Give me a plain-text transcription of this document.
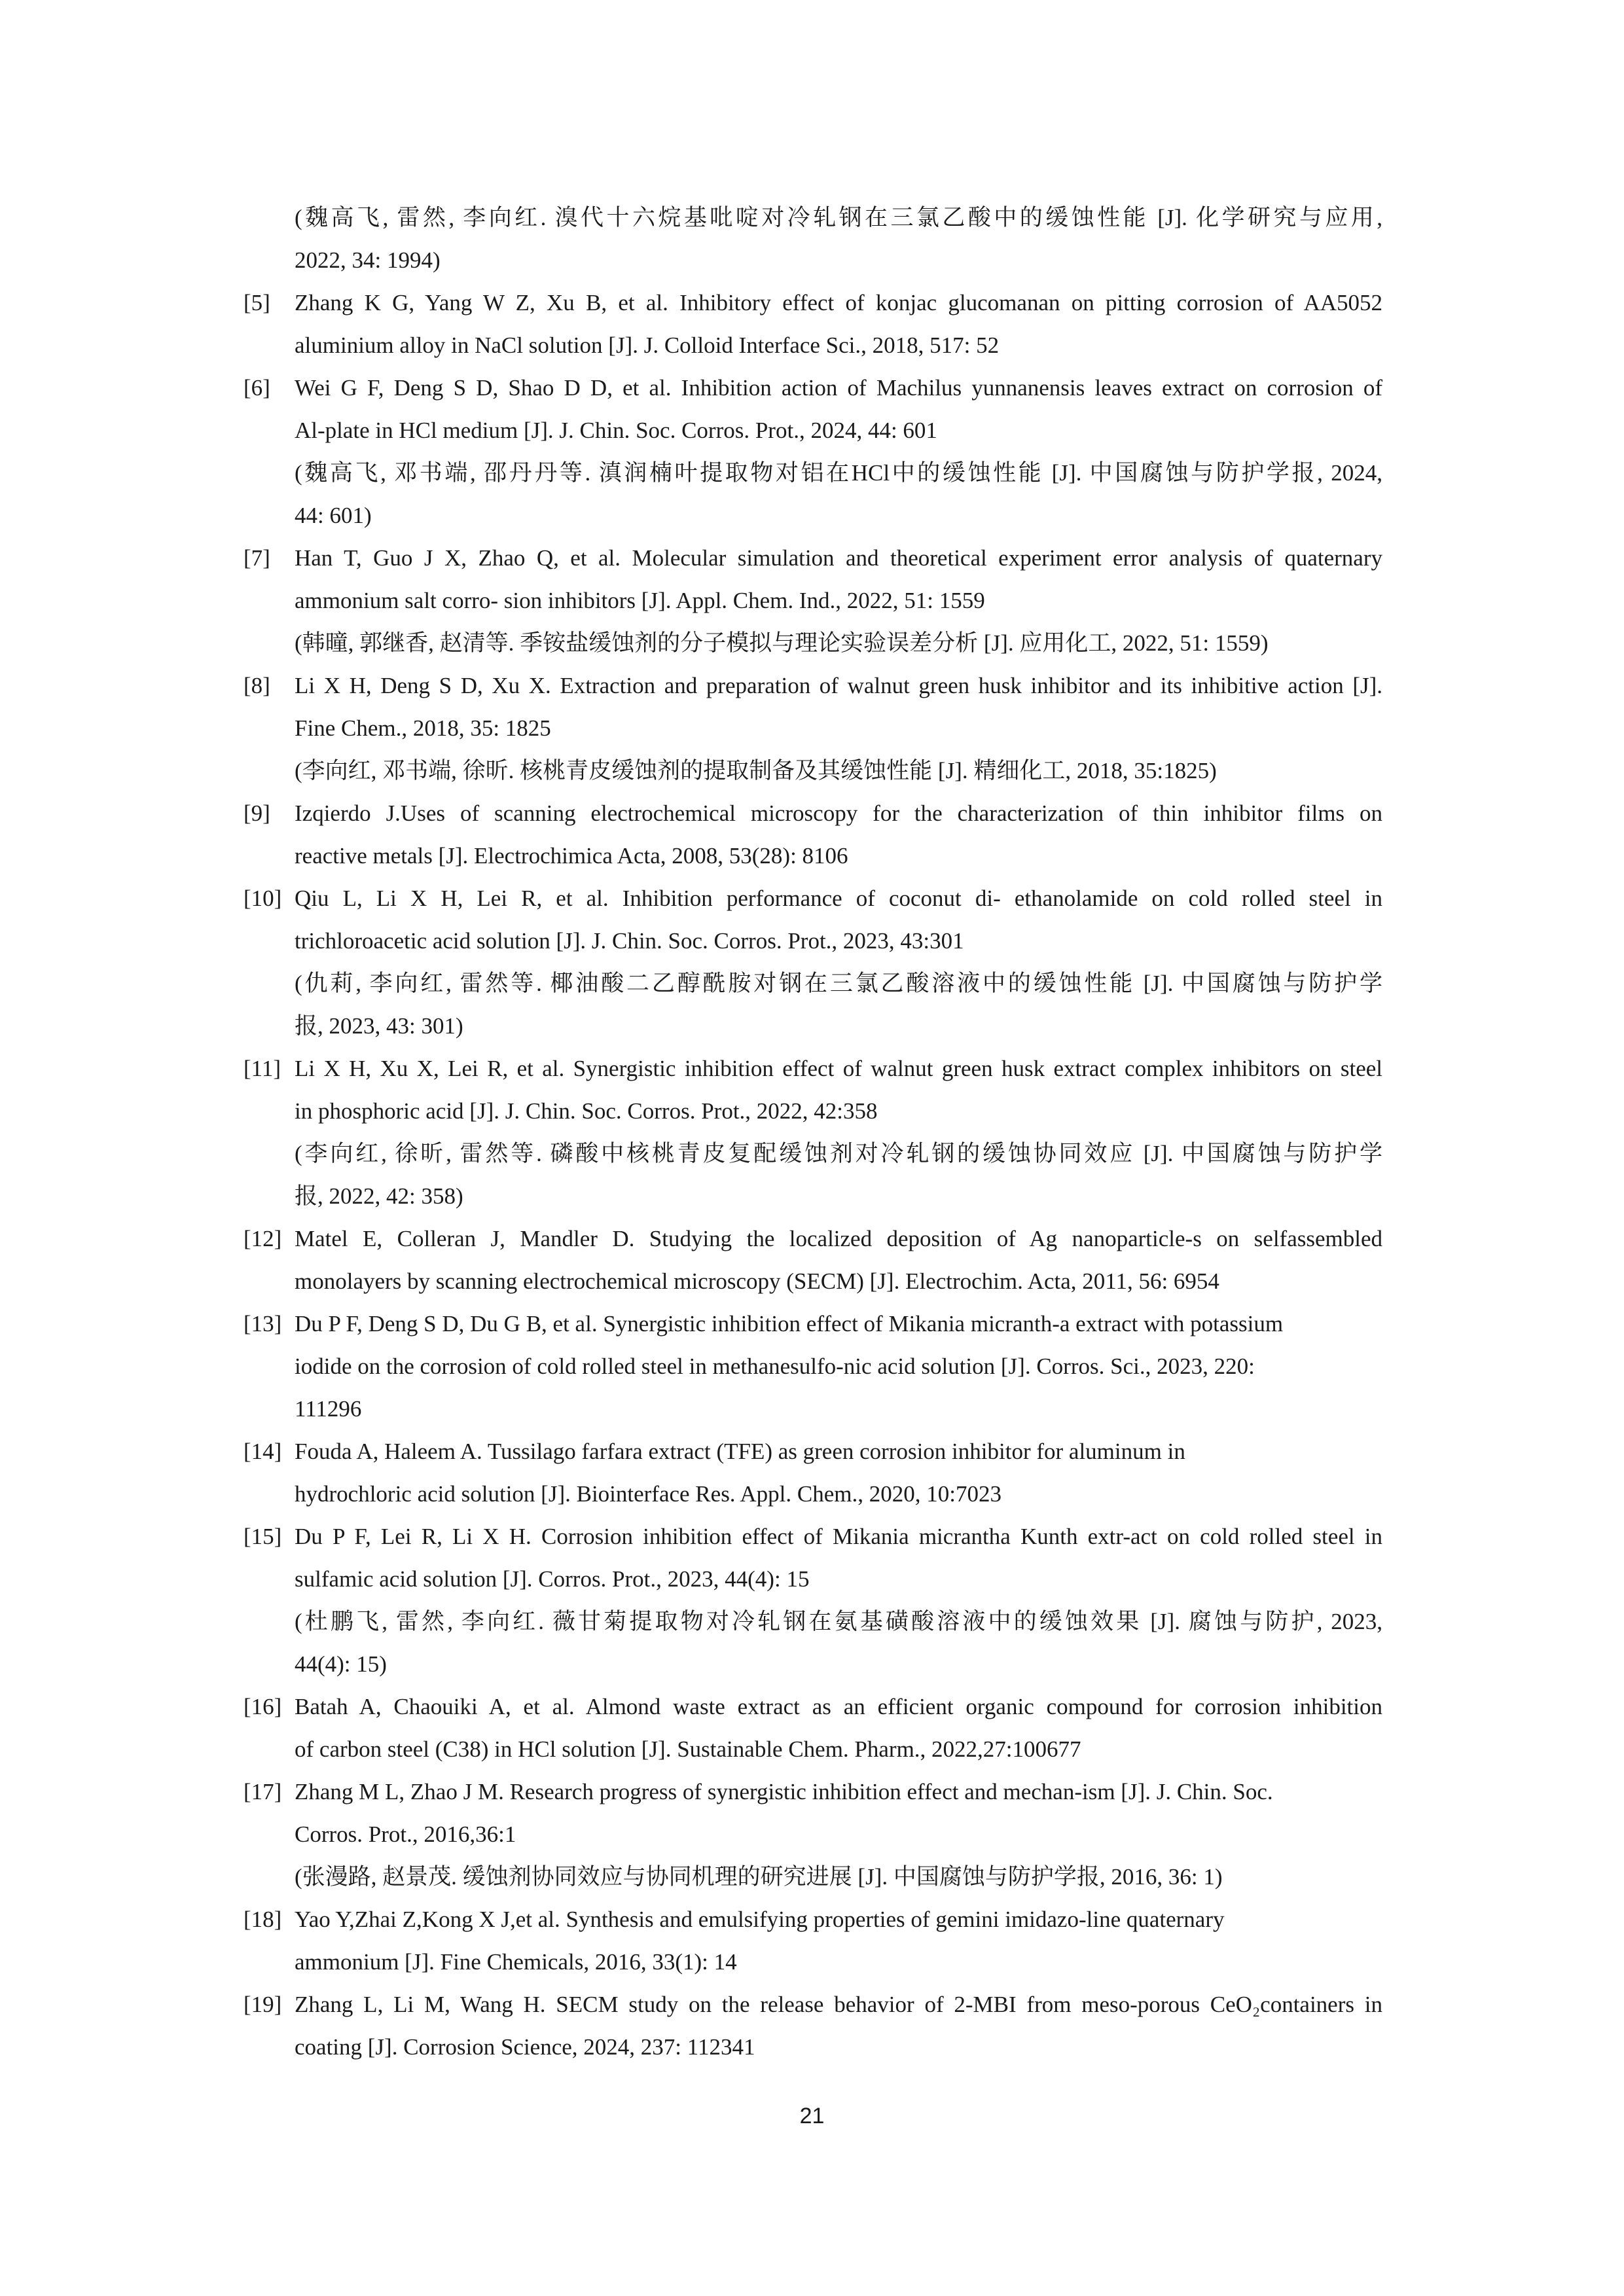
(魏高飞, 雷然, 李向红. 溴代十六烷基吡啶对冷轧钢在三氯乙酸中的缓蚀性能 [J]. 化学研究与应用,
2022, 34: 1994)
[5] Zhang K G, Yang W Z, Xu B, et al. Inhibitory effect of konjac glucomanan on pitting corrosion of AA5052
aluminium alloy in NaCl solution [J]. J. Colloid Interface Sci., 2018, 517: 52
[6] Wei G F, Deng S D, Shao D D, et al. Inhibition action of Machilus yunnanensis leaves extract on corrosion of
Al-plate in HCl medium [J]. J. Chin. Soc. Corros. Prot., 2024, 44: 601
(魏高飞, 邓书端, 邵丹丹等. 滇润楠叶提取物对铝在HCl中的缓蚀性能 [J]. 中国腐蚀与防护学报, 2024,
44: 601)
[7] Han T, Guo J X, Zhao Q, et al. Molecular simulation and theoretical experiment error analysis of quaternary
ammonium salt corro- sion inhibitors [J]. Appl. Chem. Ind., 2022, 51: 1559
(韩曈, 郭继香, 赵清等. 季铵盐缓蚀剂的分子模拟与理论实验误差分析 [J]. 应用化工, 2022, 51: 1559)
[8] Li X H, Deng S D, Xu X. Extraction and preparation of walnut green husk inhibitor and its inhibitive action [J].
Fine Chem., 2018, 35: 1825
(李向红, 邓书端, 徐昕. 核桃青皮缓蚀剂的提取制备及其缓蚀性能 [J]. 精细化工, 2018, 35:1825)
[9] Izqierdo J.Uses of scanning electrochemical microscopy for the characterization of thin inhibitor films on
reactive metals [J]. Electrochimica Acta, 2008, 53(28): 8106
[10] Qiu L, Li X H, Lei R, et al. Inhibition performance of coconut di- ethanolamide on cold rolled steel in
trichloroacetic acid solution [J]. J. Chin. Soc. Corros. Prot., 2023, 43:301
(仇莉, 李向红, 雷然等. 椰油酸二乙醇酰胺对钢在三氯乙酸溶液中的缓蚀性能 [J]. 中国腐蚀与防护学
报, 2023, 43: 301)
[11] Li X H, Xu X, Lei R, et al. Synergistic inhibition effect of walnut green husk extract complex inhibitors on steel
in phosphoric acid [J]. J. Chin. Soc. Corros. Prot., 2022, 42:358
(李向红, 徐昕, 雷然等. 磷酸中核桃青皮复配缓蚀剂对冷轧钢的缓蚀协同效应 [J]. 中国腐蚀与防护学
报, 2022, 42: 358)
[12] Matel E, Colleran J, Mandler D. Studying the localized deposition of Ag nanoparticle-s on selfassembled
monolayers by scanning electrochemical microscopy (SECM) [J]. Electrochim. Acta, 2011, 56: 6954
[13] Du P F, Deng S D, Du G B, et al. Synergistic inhibition effect of Mikania micranth-a extract with potassium
iodide on the corrosion of cold rolled steel in methanesulfo-nic acid solution [J]. Corros. Sci., 2023, 220:
111296
[14] Fouda A, Haleem A. Tussilago farfara extract (TFE) as green corrosion inhibitor for aluminum in
hydrochloric acid solution [J]. Biointerface Res. Appl. Chem., 2020, 10:7023
[15] Du P F, Lei R, Li X H. Corrosion inhibition effect of Mikania micrantha Kunth extr-act on cold rolled steel in
sulfamic acid solution [J]. Corros. Prot., 2023, 44(4): 15
(杜鹏飞, 雷然, 李向红. 薇甘菊提取物对冷轧钢在氨基磺酸溶液中的缓蚀效果 [J]. 腐蚀与防护, 2023,
44(4): 15)
[16] Batah A, Chaouiki A, et al. Almond waste extract as an efficient organic compound for corrosion inhibition
of carbon steel (C38) in HCl solution [J]. Sustainable Chem. Pharm., 2022,27:100677
[17] Zhang M L, Zhao J M. Research progress of synergistic inhibition effect and mechan-ism [J]. J. Chin. Soc.
Corros. Prot., 2016,36:1
(张漫路, 赵景茂. 缓蚀剂协同效应与协同机理的研究进展 [J]. 中国腐蚀与防护学报, 2016, 36: 1)
[18] Yao Y,Zhai Z,Kong X J,et al. Synthesis and emulsifying properties of gemini imidazo-line quaternary
ammonium [J]. Fine Chemicals, 2016, 33(1): 14
[19] Zhang L, Li M, Wang H. SECM study on the release behavior of 2-MBI from meso-porous CeO₂containers in
coating [J]. Corrosion Science, 2024, 237: 112341
21
